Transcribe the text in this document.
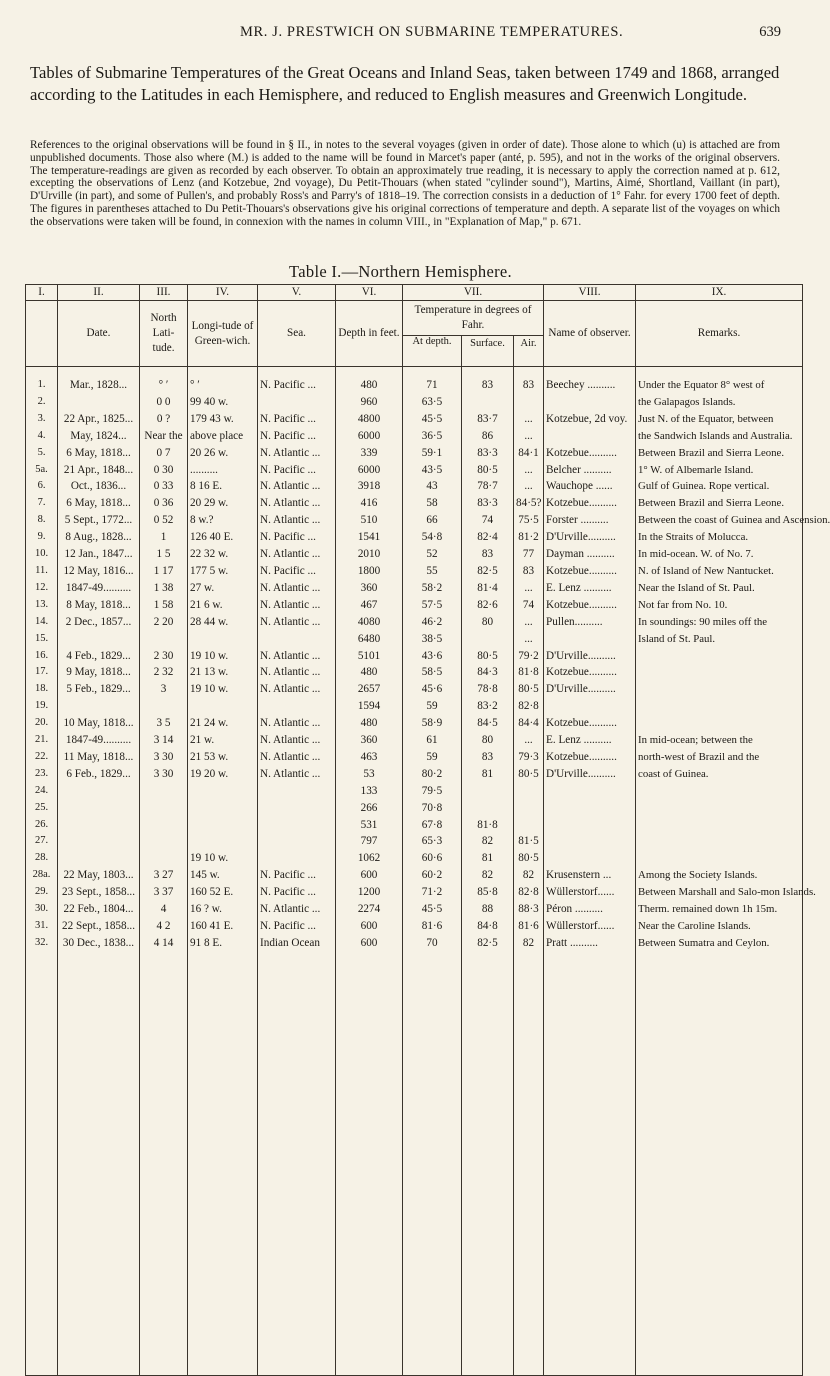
MR. J. PRESTWICH ON SUBMARINE TEMPERATURES.	639
Tables of Submarine Temperatures of the Great Oceans and Inland Seas, taken between 1749 and 1868, arranged according to the Latitudes in each Hemisphere, and reduced to English measures and Greenwich Longitude.
References to the original observations will be found in § II., in notes to the several voyages (given in order of date). Those alone to which (u) is attached are from unpublished documents. Those also where (M.) is added to the name will be found in Marcet's paper (anté, p. 595), and not in the works of the original observers. The temperature-readings are given as recorded by each observer. To obtain an approximately true reading, it is necessary to apply the correction named at p. 612, excepting the observations of Lenz (and Kotzebue, 2nd voyage), Du Petit-Thouars (when stated "cylinder sound"), Martins, Aimé, Shortland, Vaillant (in part), D'Urville (in part), and some of Pullen's, and probably Ross's and Parry's of 1818–19. The correction consists in a deduction of 1° Fahr. for every 1700 feet of depth. The figures in parentheses attached to Du Petit-Thouars's observations give his original corrections of temperature and depth. A separate list of the voyages on which the observations were taken will be found, in connexion with the names in column VIII., in "Explanation of Map," p. 671.
Table I.—Northern Hemisphere.
I.	II.	III.	IV.	V.	VI.	VII.			VIII.	IX.
	Date.	North Lati-tude.	Longi-tude of Green-wich.	Sea.	Depth in feet.	Temperature in degrees of Fahr.			Name of observer.	Remarks.
						At depth.	Surface.	Air.		
1.	Mar., 1828...	° ′	° ′	N. Pacific ...	480	71	83	83	Beechey ..........	Under the Equator 8° west of
2.		0 0	99 40 w.		960	63·5				the Galapagos Islands.
3.	22 Apr., 1825...	0 ?	179 43 w.	N. Pacific ...	4800	45·5	83·7	...	Kotzebue, 2d voy.	Just N. of the Equator, between
4.	May, 1824...	Near the	above place	N. Pacific ...	6000	36·5	86	...		the Sandwich Islands and Australia.
5.	6 May, 1818...	0 7	20 26 w.	N. Atlantic ...	339	59·1	83·3	84·1	Kotzebue..........	Between Brazil and Sierra Leone.
5a.	21 Apr., 1848...	0 30	..........	N. Pacific ...	6000	43·5	80·5	...	Belcher ..........	1° W. of Albemarle Island.
6.	Oct., 1836...	0 33	8 16 E.	N. Atlantic ...	3918	43	78·7	...	Wauchope ......	Gulf of Guinea. Rope vertical.
7.	6 May, 1818...	0 36	20 29 w.	N. Atlantic ...	416	58	83·3	84·5?	Kotzebue..........	Between Brazil and Sierra Leone.
8.	5 Sept., 1772...	0 52	8 w.?	N. Atlantic ...	510	66	74	75·5	Forster ..........	Between the coast of Guinea and Ascension.
9.	8 Aug., 1828...	1	126 40 E.	N. Pacific ...	1541	54·8	82·4	81·2	D'Urville..........	In the Straits of Molucca.
10.	12 Jan., 1847...	1 5	22 32 w.	N. Atlantic ...	2010	52	83	77	Dayman ..........	In mid-ocean. W. of No. 7.
11.	12 May, 1816...	1 17	177 5 w.	N. Pacific ...	1800	55	82·5	83	Kotzebue..........	N. of Island of New Nantucket.
12.	1847-49..........	1 38	27 w.	N. Atlantic ...	360	58·2	81·4	...	E. Lenz ..........	Near the Island of St. Paul.
13.	8 May, 1818...	1 58	21 6 w.	N. Atlantic ...	467	57·5	82·6	74	Kotzebue..........	Not far from No. 10.
14.	2 Dec., 1857...	2 20	28 44 w.	N. Atlantic ...	4080	46·2	80	...	Pullen..........	In soundings: 90 miles off the
15.					6480	38·5		...		Island of St. Paul.
16.	4 Feb., 1829...	2 30	19 10 w.	N. Atlantic ...	5101	43·6	80·5	79·2	D'Urville..........	
17.	9 May, 1818...	2 32	21 13 w.	N. Atlantic ...	480	58·5	84·3	81·8	Kotzebue..........	
18.	5 Feb., 1829...	3	19 10 w.	N. Atlantic ...	2657	45·6	78·8	80·5	D'Urville..........	
19.					1594	59	83·2	82·8		
20.	10 May, 1818...	3 5	21 24 w.	N. Atlantic ...	480	58·9	84·5	84·4	Kotzebue..........	
21.	1847-49..........	3 14	21 w.	N. Atlantic ...	360	61	80	...	E. Lenz ..........	In mid-ocean; between the
22.	11 May, 1818...	3 30	21 53 w.	N. Atlantic ...	463	59	83	79·3	Kotzebue..........	north-west of Brazil and the
23.	6 Feb., 1829...	3 30	19 20 w.	N. Atlantic ...	53	80·2	81	80·5	D'Urville..........	coast of Guinea.
24.					133	79·5				
25.					266	70·8				
26.					531	67·8	81·8			
27.					797	65·3	82	81·5		
28.			19 10 w.		1062	60·6	81	80·5		
28a.	22 May, 1803...	3 27	145 w.	N. Pacific ...	600	60·2	82	82	Krusenstern ...	Among the Society Islands.
29.	23 Sept., 1858...	3 37	160 52 E.	N. Pacific ...	1200	71·2	85·8	82·8	Wüllerstorf......	Between Marshall and Salo-mon Islands.
30.	22 Feb., 1804...	4	16 ? w.	N. Atlantic ...	2274	45·5	88	88·3	Péron ..........	Therm. remained down 1h 15m.
31.	22 Sept., 1858...	4 2	160 41 E.	N. Pacific ...	600	81·6	84·8	81·6	Wüllerstorf......	Near the Caroline Islands.
32.	30 Dec., 1838...	4 14	91 8 E.	Indian Ocean	600	70	82·5	82	Pratt ..........	Between Sumatra and Ceylon.
